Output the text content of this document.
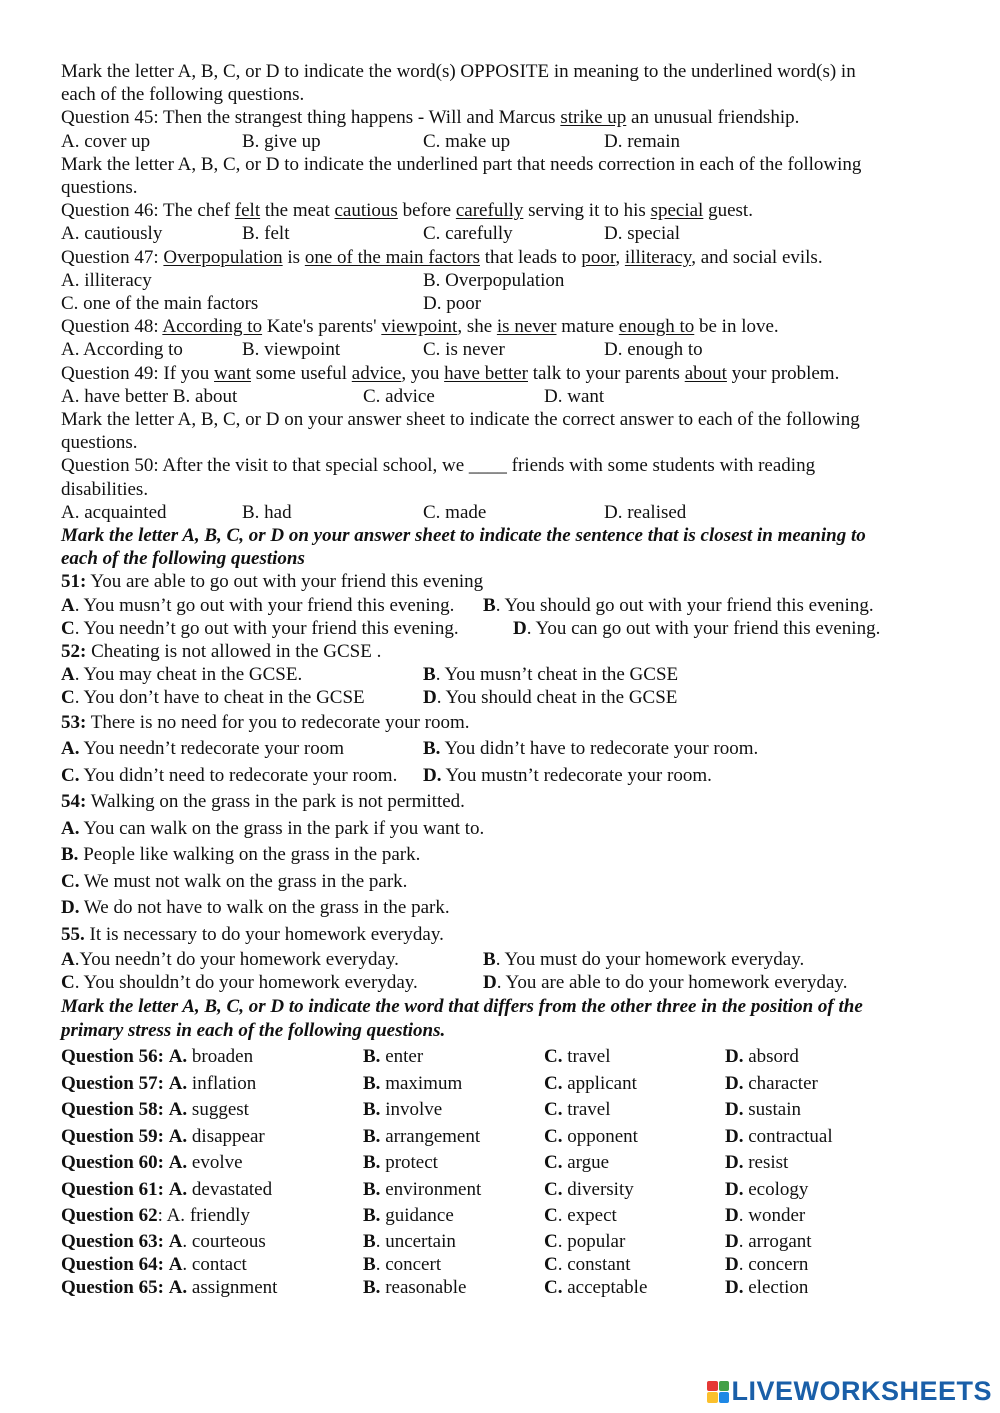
Mark the letter A, B, C, or D to indicate the word(s) OPPOSITE in meaning to the underlined word(s) in

each of the following questions.

Question 45: Then the strangest thing happens - Will and Marcus strike up an unusual friendship.

A. cover up	B. give up	C. make up	D. remain

Mark the letter A, B, C, or D to indicate the underlined part that needs correction in each of the following

questions.

Question 46: The chef felt the meat cautious before carefully serving it to his special guest.

A. cautiously	B. felt	C. carefully	D. special

Question 47: Overpopulation is one of the main factors that leads to poor, illiteracy, and social evils.

A. illiteracy	B. Overpopulation
C. one of the main factors	D. poor

Question 48: According to Kate's parents' viewpoint, she is never mature enough to be in love.

A. According to	B. viewpoint	C. is never	D. enough to

Question 49: If you want some useful advice, you have better talk to your parents about your problem.

A. have better B. about	C. advice	D. want

Mark the letter A, B, C, or D on your answer sheet to indicate the correct answer to each of the following

questions.

Question 50: After the visit to that special school, we ____ friends with some students with reading

disabilities.

A. acquainted	B. had	C. made	D. realised

Mark the letter A, B, C, or D on your answer sheet to indicate the sentence that is closest in meaning to

each of the following questions

51: You are able to go out with your friend this evening

A. You musn’t go out with your friend this evening.	B. You should go out with your friend this evening.
C. You needn’t go out with your friend this evening.	D. You can go out with your friend this evening.

52: Cheating is not allowed in the GCSE .

A. You may cheat in the GCSE.	B. You musn’t cheat in the GCSE
C. You don’t have to cheat in the GCSE	D. You should cheat in the GCSE

53: There is no need for you to redecorate your room.

A. You needn’t redecorate your room	B. You didn’t have to redecorate your room.
C. You didn’t need to redecorate your room.	D. You mustn’t redecorate your room.

54: Walking on the grass in the park is not permitted.

A. You can walk on the grass in the park if you want to.

B. People like walking on the grass in the park.

C. We must not walk on the grass in the park.

D. We do not have to walk on the grass in the park.

55. It is necessary to do your homework everyday.

A.You needn’t do your homework everyday.	B. You must do your homework everyday.
C. You shouldn’t do your homework everyday.	D. You are able to do your homework everyday.

Mark the letter A, B, C, or D to indicate the word that differs from the other three in the position of the

primary stress in each of the following questions.

Question 56: A. broaden	B. enter	C. travel	D. absord
Question 57: A. inflation	B. maximum	C. applicant	D. character
Question 58: A. suggest	B. involve	C. travel	D. sustain
Question 59: A. disappear	B. arrangement	C. opponent	D. contractual
Question 60: A. evolve	B. protect	C. argue	D. resist
Question 61: A. devastated	B. environment	C. diversity	D. ecology
Question 62: A. friendly	B. guidance	C. expect	D. wonder
Question 63: A. courteous	B. uncertain	C. popular	D. arrogant
Question 64: A. contact	B. concert	C. constant	D. concern
Question 65: A. assignment	B. reasonable	C. acceptable	D. election
LIVEWORKSHEETS
